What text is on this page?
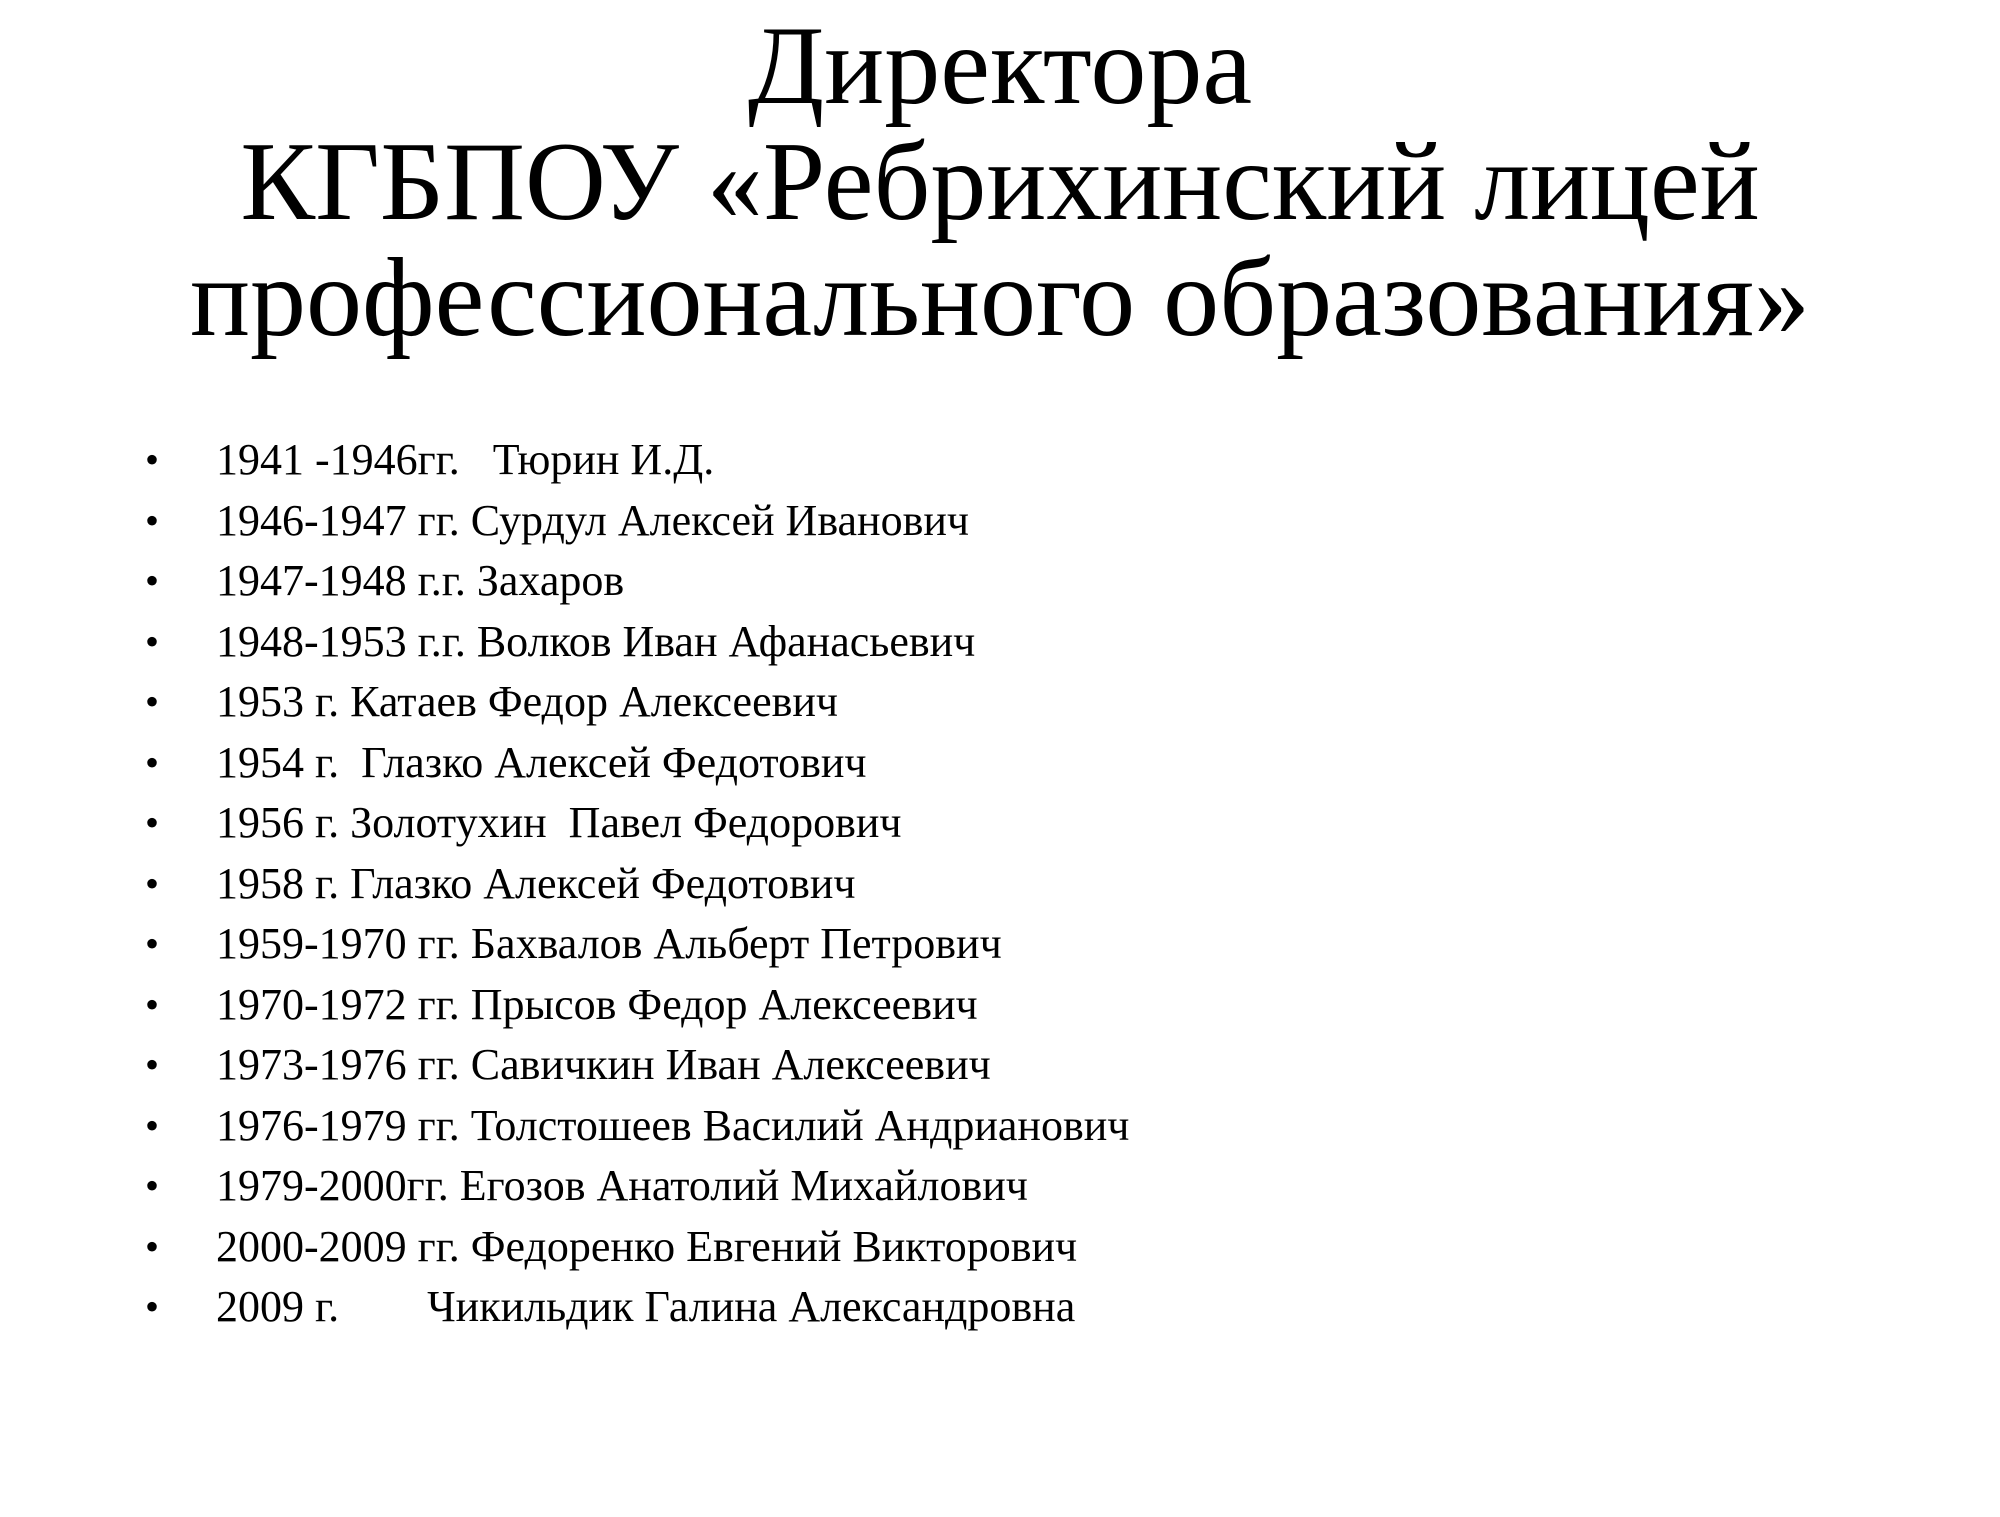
Директора
КГБПОУ «Ребрихинский лицей
профессионального образования»

•

1941 -1946гг.   Тюрин И.Д.

•

1946-1947 гг. Сурдул Алексей Иванович

•

1947-1948 г.г. Захаров

•

1948-1953 г.г. Волков Иван Афанасьевич

•

1953 г. Катаев Федор Алексеевич

•

1954 г.  Глазко Алексей Федотович

•

1956 г. Золотухин  Павел Федорович

•

1958 г. Глазко Алексей Федотович

•

1959-1970 гг. Бахвалов Альберт Петрович

•

1970-1972 гг. Прысов Федор Алексеевич

•

1973-1976 гг. Савичкин Иван Алексеевич

•

1976-1979 гг. Толстошеев Василий Андрианович

•

1979-2000гг. Егозов Анатолий Михайлович

•

2000-2009 гг. Федоренко Евгений Викторович

•

2009 г.        Чикильдик Галина Александровна
